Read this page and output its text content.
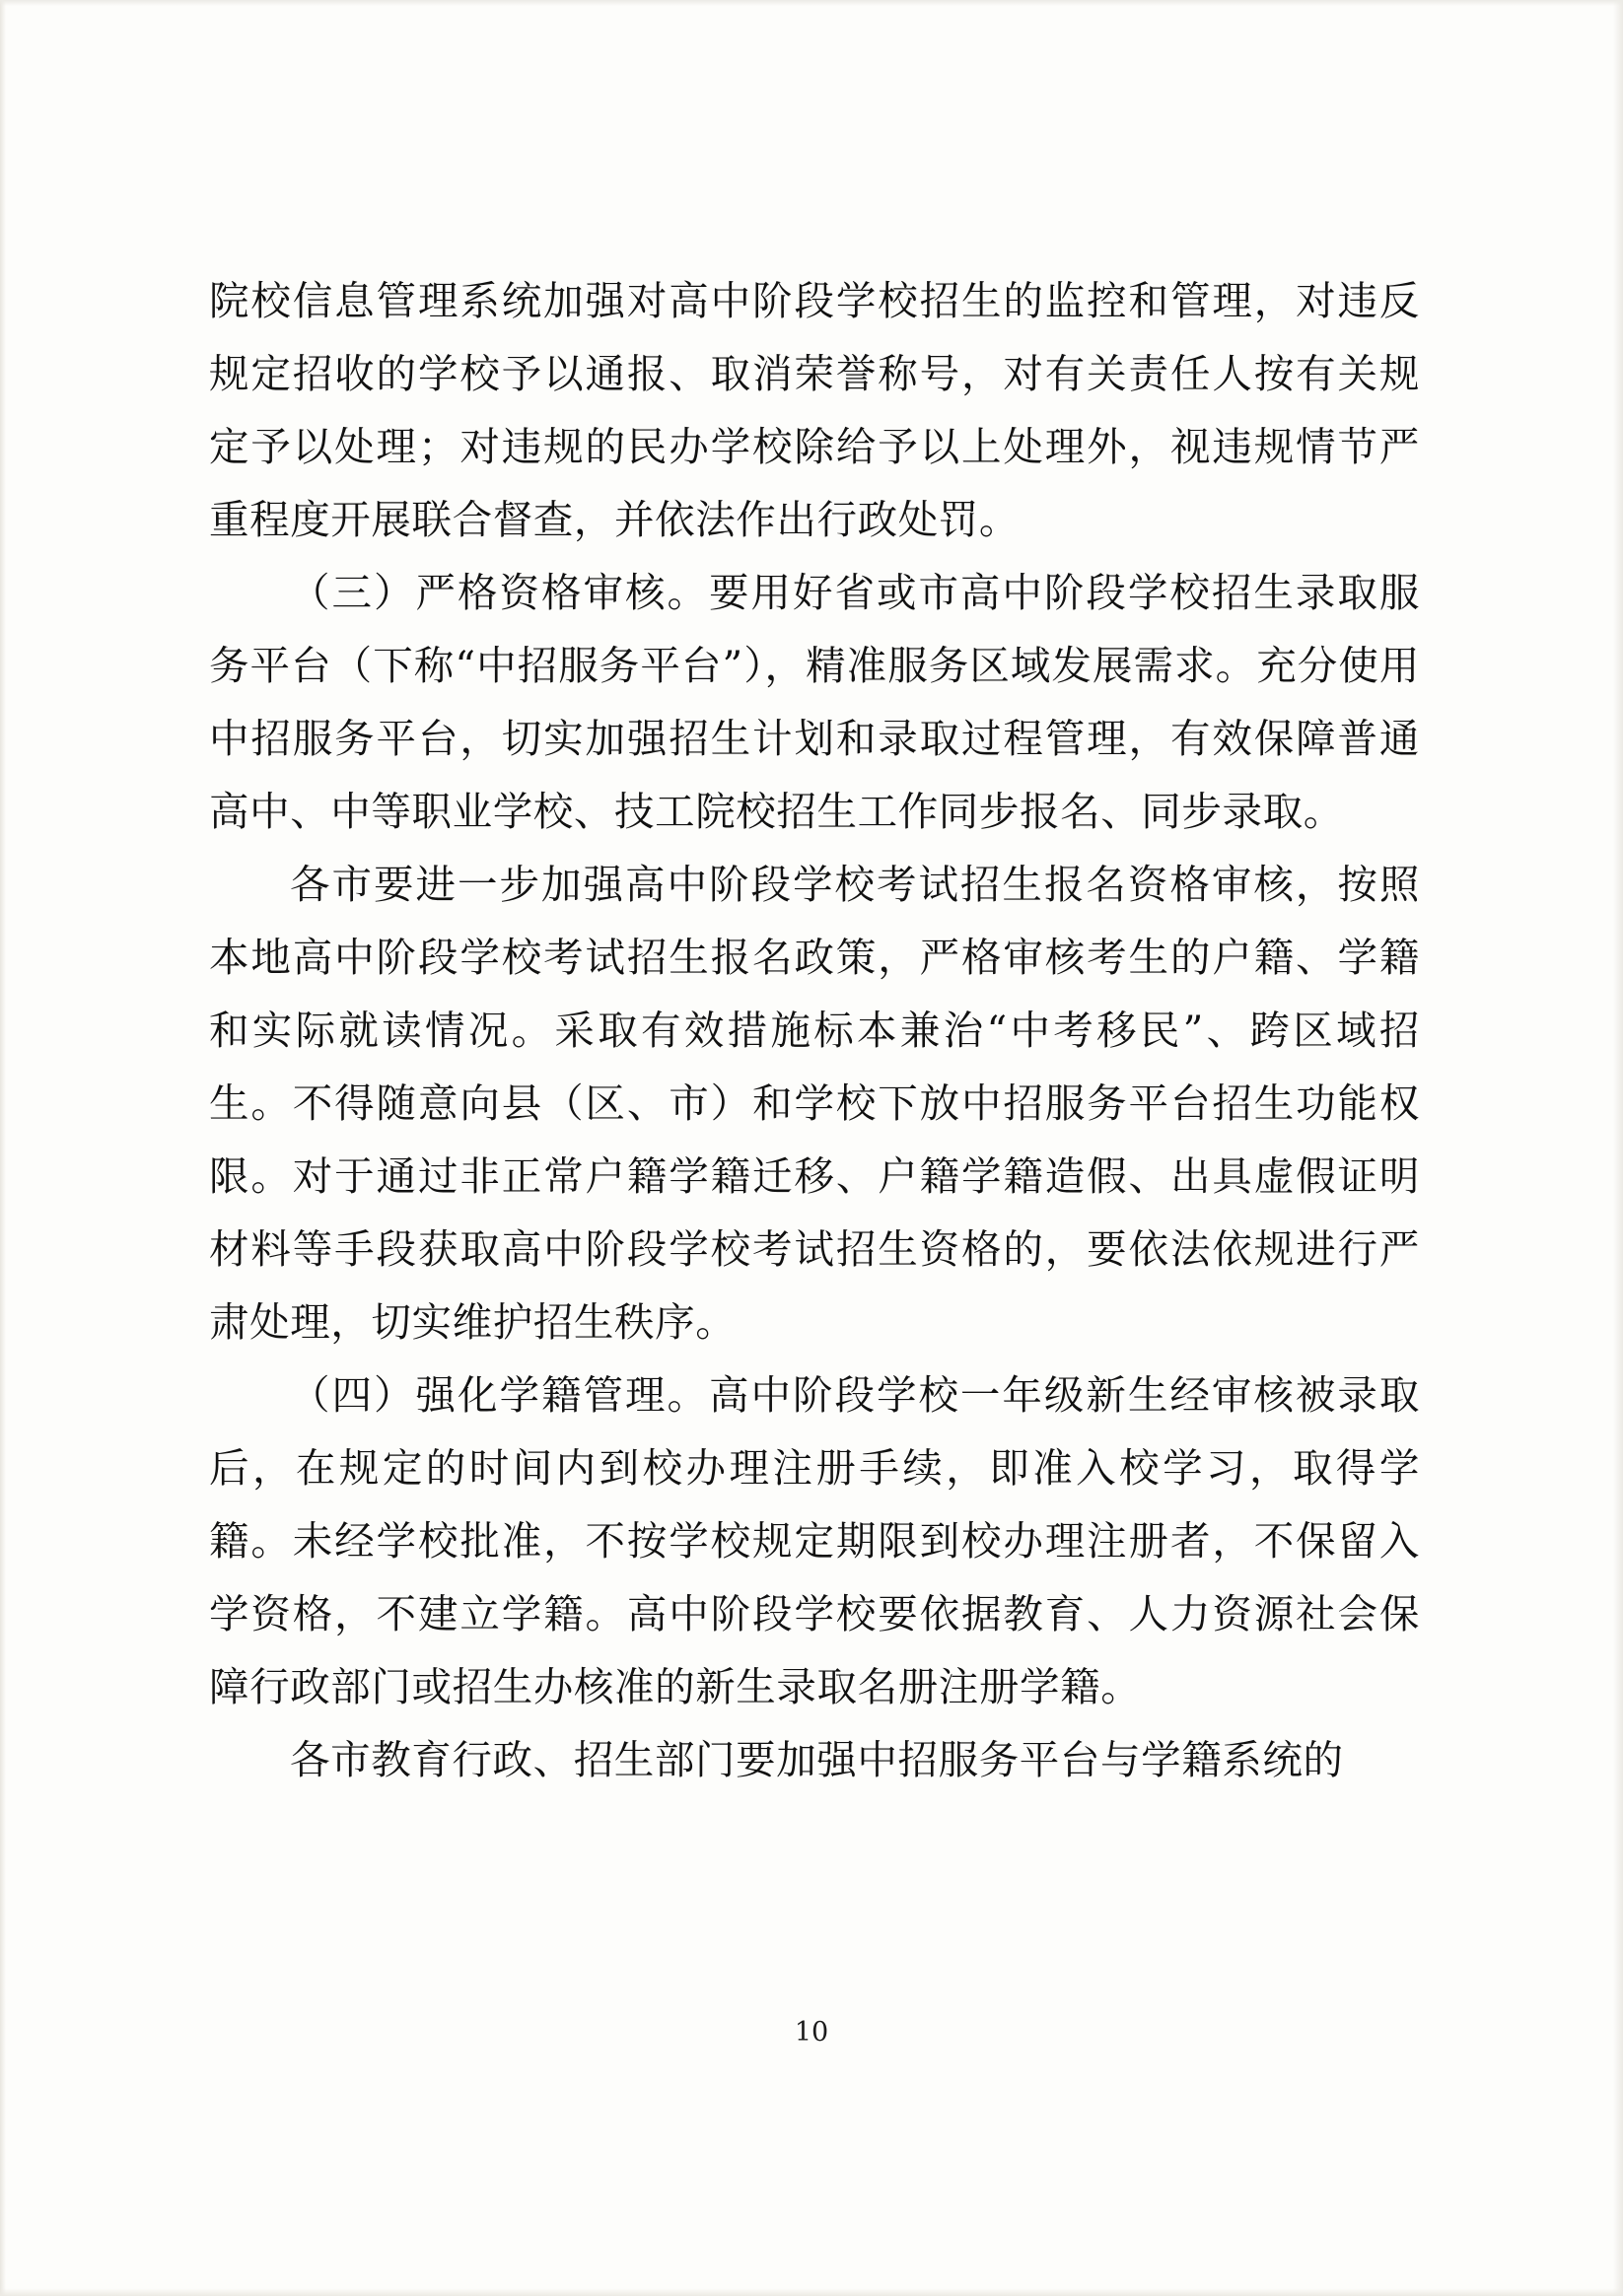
院校信息管理系统加强对高中阶段学校招生的监控和管理，对违反规定招收的学校予以通报、取消荣誉称号，对有关责任人按有关规定予以处理；对违规的民办学校除给予以上处理外，视违规情节严重程度开展联合督查，并依法作出行政处罚。

（三）严格资格审核。要用好省或市高中阶段学校招生录取服务平台（下称“中招服务平台”），精准服务区域发展需求。充分使用中招服务平台，切实加强招生计划和录取过程管理，有效保障普通高中、中等职业学校、技工院校招生工作同步报名、同步录取。

各市要进一步加强高中阶段学校考试招生报名资格审核，按照本地高中阶段学校考试招生报名政策，严格审核考生的户籍、学籍和实际就读情况。采取有效措施标本兼治“中考移民”、跨区域招生。不得随意向县（区、市）和学校下放中招服务平台招生功能权限。对于通过非正常户籍学籍迁移、户籍学籍造假、出具虚假证明材料等手段获取高中阶段学校考试招生资格的，要依法依规进行严肃处理，切实维护招生秩序。

（四）强化学籍管理。高中阶段学校一年级新生经审核被录取后，在规定的时间内到校办理注册手续，即准入校学习，取得学籍。未经学校批准，不按学校规定期限到校办理注册者，不保留入学资格，不建立学籍。高中阶段学校要依据教育、人力资源社会保障行政部门或招生办核准的新生录取名册注册学籍。

各市教育行政、招生部门要加强中招服务平台与学籍系统的

10
